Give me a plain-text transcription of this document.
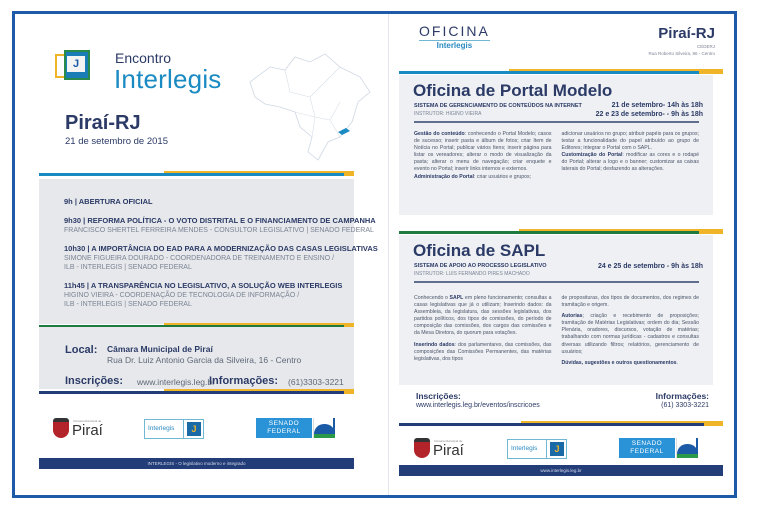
J	Encontro
Interlegis
Piraí-RJ
21 de setembro de 2015
9h | ABERTURA OFICIAL
9h30 | REFORMA POLÍTICA - O VOTO DISTRITAL E O FINANCIAMENTO DE CAMPANHA
FRANCISCO SHERTEL FERREIRA MENDES - CONSULTOR LEGISLATIVO | SENADO FEDERAL
10h30 | A IMPORTÂNCIA DO EAD PARA A MODERNIZAÇÃO DAS CASAS LEGISLATIVAS
SIMONE FIGUEIRA DOURADO - COORDENADORA DE TREINAMENTO E ENSINO /
ILB - INTERLEGIS | SENADO FEDERAL
11h45 | A TRANSPARÊNCIA NO LEGISLATIVO, A SOLUÇÃO WEB INTERLEGIS
HIGINO VIEIRA - COORDENAÇÃO DE TECNOLOGIA DE INFORMAÇÃO /
ILB - INTERLEGIS | SENADO FEDERAL
Local: Câmara Municipal de Piraí
Rua Dr. Luiz Antonio Garcia da Silveira, 16 - Centro
Inscrições: www.interlegis.leg.br
Informações: (61)3303-3221
Câmara Municipal de
Piraí	Interlegis	J
SENADO
FEDERAL
INTERLEGIS - O legislativo moderno e integrado
OFICINA
Interlegis
Piraí-RJ
CEDERJ
Rua Roberto Silveira, 86 - Centro
Oficina de Portal Modelo
SISTEMA DE GERENCIAMENTO DE CONTEÚDOS NA INTERNET
INSTRUTOR: HIGINO VIEIRA
21 de setembro- 14h às 18h
22 e 23 de setembro- - 9h às 18h

Gestão do conteúdo: conhecendo o Portal Modelo; casos de sucesso; inserir pasta e álbum de fotos; criar Item de Notícia no Portal; publicar vários Itens; inserir página para listar os vereadores; alterar o modo de visualização da pasta; alterar o menu de navegação; criar enquete e evento no Portal; inserir links internos e externos.
Administração do Portal: criar usuários e grupos;

adicionar usuários no grupo; atribuir papéis para os grupos; testar a funcionalidade do papel atribuído ao grupo de Editores; integrar o Portal com o SAPL.
Customização do Portal: modificar as cores e o rodapé do Portal; alterar a logo e o banner; customizar as caixas laterais do Portal; desfazendo as alterações.

Oficina de SAPL
SISTEMA DE APOIO AO PROCESSO LEGISLATIVO
INSTRUTOR: LUIS FERNANDO PIRES MACHADO
24 e 25 de setembro - 9h às 18h

Conhecendo o SAPL em pleno funcionamento; consultas a casas legislativas que já o utilizam; Inserindo dados: da Assembleia, da legislatura, das sessões legislativas, dos partidos políticos, dos tipos de comissões, do período de composição das comissões, dos cargos das comissões e da Mesa Diretora, do quorum para votações.

Inserindo dados: dos parlamentares, das comissões, das composições das Comissões Permanentes, das matérias legislativas, dos tipos

de proposituras, dos tipos de documentos, dos regimes de tramitação e origem.

Autorias; criação e recebimento de proposições; tramitação de Matérias Legislativas; ordem do dia; Sessão Plenária, oradores, discursos, votação de matérias; trabalhando com normas jurídicas - cadastros e consultas diversas utilizando filtros; relatórios, gerenciamento de usuários;

Dúvidas, sugestões e outros questionamentos.

Inscrições:
www.interlegis.leg.br/eventos/inscricoes
Informações:
(61) 3303-3221
Câmara Municipal de
Piraí	Interlegis	J
SENADO
FEDERAL
www.interlegis.leg.br
